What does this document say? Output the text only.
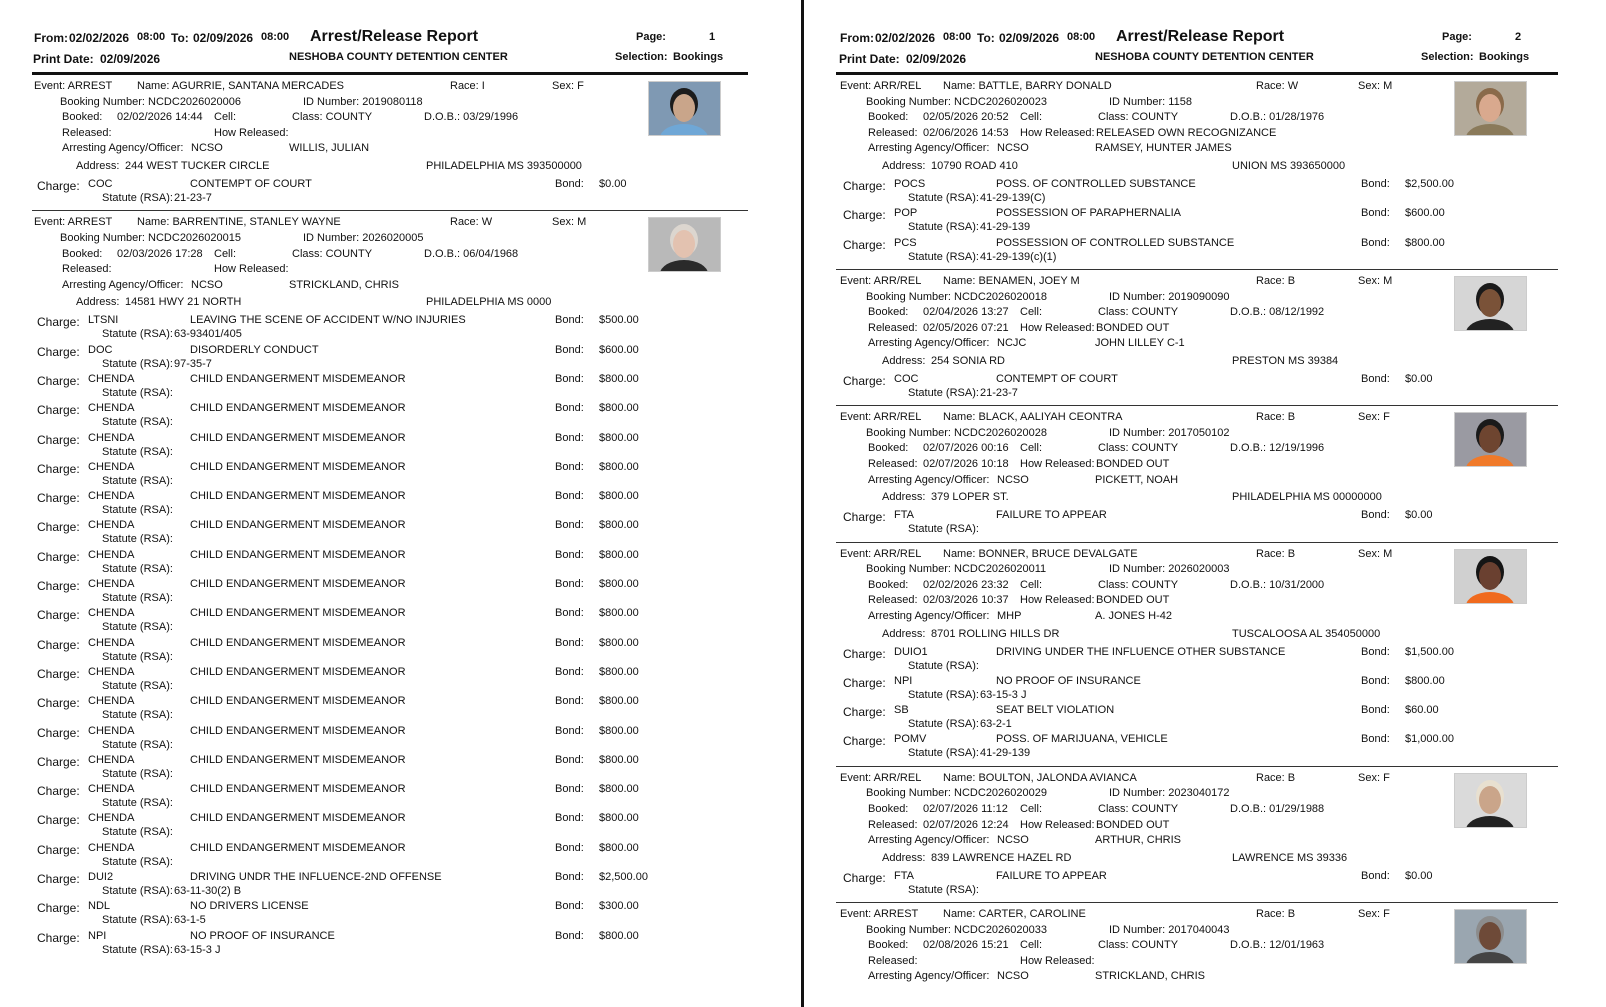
From: 02/02/2026 08:00 To: 02/09/2026 08:00 Arrest/Release Report	Page:	1
Print Date: 02/09/2026	NESHOBA COUNTY DETENTION CENTER	Selection: Bookings
Event: ARREST Name: AGURRIE, SANTANA MERCADES	Race: I	Sex: F
Booking Number: NCDC2026020006	ID Number: 2019080118
Booked: 02/02/2026 14:44 Cell:	Class: COUNTY	D.O.B.: 03/29/1996
Released:	How Released:
Arresting Agency/Officer: NCSO	WILLIS, JULIAN
Address: 244 WEST TUCKER CIRCLE	PHILADELPHIA MS 393500000
Charge: COC	CONTEMPT OF COURT	Bond: $0.00
Statute (RSA): 21-23-7
Event: ARREST Name: BARRENTINE, STANLEY WAYNE	Race: W	Sex: M
Booking Number: NCDC2026020015	ID Number: 2026020005
Booked: 02/03/2026 17:28 Cell:	Class: COUNTY	D.O.B.: 06/04/1968
Released:	How Released:
Arresting Agency/Officer: NCSO	STRICKLAND, CHRIS
Address: 14581 HWY 21 NORTH	PHILADELPHIA MS 0000
Charge: LTSNI	LEAVING THE SCENE OF ACCIDENT W/NO INJURIES	Bond: $500.00
Statute (RSA): 63-93401/405
Charge: DOC	DISORDERLY CONDUCT	Bond: $600.00
Statute (RSA): 97-35-7
Charge: CHENDA	CHILD ENDANGERMENT MISDEMEANOR	Bond: $800.00
Statute (RSA):
Charge: CHENDA	CHILD ENDANGERMENT MISDEMEANOR	Bond: $800.00
Statute (RSA):
Charge: CHENDA	CHILD ENDANGERMENT MISDEMEANOR	Bond: $800.00
Statute (RSA):
Charge: CHENDA	CHILD ENDANGERMENT MISDEMEANOR	Bond: $800.00
Statute (RSA):
Charge: CHENDA	CHILD ENDANGERMENT MISDEMEANOR	Bond: $800.00
Statute (RSA):
Charge: CHENDA	CHILD ENDANGERMENT MISDEMEANOR	Bond: $800.00
Statute (RSA):
Charge: CHENDA	CHILD ENDANGERMENT MISDEMEANOR	Bond: $800.00
Statute (RSA):
Charge: CHENDA	CHILD ENDANGERMENT MISDEMEANOR	Bond: $800.00
Statute (RSA):
Charge: CHENDA	CHILD ENDANGERMENT MISDEMEANOR	Bond: $800.00
Statute (RSA):
Charge: CHENDA	CHILD ENDANGERMENT MISDEMEANOR	Bond: $800.00
Statute (RSA):
Charge: CHENDA	CHILD ENDANGERMENT MISDEMEANOR	Bond: $800.00
Statute (RSA):
Charge: CHENDA	CHILD ENDANGERMENT MISDEMEANOR	Bond: $800.00
Statute (RSA):
Charge: CHENDA	CHILD ENDANGERMENT MISDEMEANOR	Bond: $800.00
Statute (RSA):
Charge: CHENDA	CHILD ENDANGERMENT MISDEMEANOR	Bond: $800.00
Statute (RSA):
Charge: CHENDA	CHILD ENDANGERMENT MISDEMEANOR	Bond: $800.00
Statute (RSA):
Charge: CHENDA	CHILD ENDANGERMENT MISDEMEANOR	Bond: $800.00
Statute (RSA):
Charge: CHENDA	CHILD ENDANGERMENT MISDEMEANOR	Bond: $800.00
Statute (RSA):
Charge: DUI2	DRIVING UNDR THE INFLUENCE-2ND OFFENSE	Bond: $2,500.00
Statute (RSA): 63-11-30(2) B
Charge: NDL	NO DRIVERS LICENSE	Bond: $300.00
Statute (RSA): 63-1-5
Charge: NPI	NO PROOF OF INSURANCE	Bond: $800.00
Statute (RSA): 63-15-3 J
From: 02/02/2026 08:00 To: 02/09/2026 08:00 Arrest/Release Report	Page:	2
Print Date: 02/09/2026	NESHOBA COUNTY DETENTION CENTER	Selection: Bookings
Event: ARR/REL Name: BATTLE, BARRY DONALD	Race: W	Sex: M
Booking Number: NCDC2026020023	ID Number: 1158
Booked: 02/05/2026 20:52 Cell:	Class: COUNTY	D.O.B.: 01/28/1976
Released: 02/06/2026 14:53 How Released: RELEASED OWN RECOGNIZANCE
Arresting Agency/Officer: NCSO	RAMSEY, HUNTER JAMES
Address: 10790 ROAD 410	UNION MS 393650000
Charge: POCS	POSS. OF CONTROLLED SUBSTANCE	Bond: $2,500.00
Statute (RSA): 41-29-139(C)
Charge: POP	POSSESSION OF PARAPHERNALIA	Bond: $600.00
Statute (RSA): 41-29-139
Charge: PCS	POSSESSION OF CONTROLLED SUBSTANCE	Bond: $800.00
Statute (RSA): 41-29-139(c)(1)
Event: ARR/REL Name: BENAMEN, JOEY M	Race: B	Sex: M
Booking Number: NCDC2026020018	ID Number: 2019090090
Booked: 02/04/2026 13:27 Cell:	Class: COUNTY	D.O.B.: 08/12/1992
Released: 02/05/2026 07:21 How Released: BONDED OUT
Arresting Agency/Officer: NCJC	JOHN LILLEY C-1
Address: 254 SONIA RD	PRESTON MS 39384
Charge: COC	CONTEMPT OF COURT	Bond: $0.00
Statute (RSA): 21-23-7
Event: ARR/REL Name: BLACK, AALIYAH CEONTRA	Race: B	Sex: F
Booking Number: NCDC2026020028	ID Number: 2017050102
Booked: 02/07/2026 00:16 Cell:	Class: COUNTY	D.O.B.: 12/19/1996
Released: 02/07/2026 10:18 How Released: BONDED OUT
Arresting Agency/Officer: NCSO	PICKETT, NOAH
Address: 379 LOPER ST.	PHILADELPHIA MS 00000000
Charge: FTA	FAILURE TO APPEAR	Bond: $0.00
Statute (RSA):
Event: ARR/REL Name: BONNER, BRUCE DEVALGATE	Race: B	Sex: M
Booking Number: NCDC2026020011	ID Number: 2026020003
Booked: 02/02/2026 23:32 Cell:	Class: COUNTY	D.O.B.: 10/31/2000
Released: 02/03/2026 10:37 How Released: BONDED OUT
Arresting Agency/Officer: MHP	A. JONES H-42
Address: 8701 ROLLING HILLS DR	TUSCALOOSA AL 354050000
Charge: DUIO1	DRIVING UNDER THE INFLUENCE OTHER SUBSTANCE	Bond: $1,500.00
Statute (RSA):
Charge: NPI	NO PROOF OF INSURANCE	Bond: $800.00
Statute (RSA): 63-15-3 J
Charge: SB	SEAT BELT VIOLATION	Bond: $60.00
Statute (RSA): 63-2-1
Charge: POMV	POSS. OF MARIJUANA, VEHICLE	Bond: $1,000.00
Statute (RSA): 41-29-139
Event: ARR/REL Name: BOULTON, JALONDA AVIANCA	Race: B	Sex: F
Booking Number: NCDC2026020029	ID Number: 2023040172
Booked: 02/07/2026 11:12 Cell:	Class: COUNTY	D.O.B.: 01/29/1988
Released: 02/07/2026 12:24 How Released: BONDED OUT
Arresting Agency/Officer: NCSO	ARTHUR, CHRIS
Address: 839 LAWRENCE HAZEL RD	LAWRENCE MS 39336
Charge: FTA	FAILURE TO APPEAR	Bond: $0.00
Statute (RSA):
Event: ARREST Name: CARTER, CAROLINE	Race: B	Sex: F
Booking Number: NCDC2026020033	ID Number: 2017040043
Booked: 02/08/2026 15:21 Cell:	Class: COUNTY	D.O.B.: 12/01/1963
Released:	How Released:
Arresting Agency/Officer: NCSO	STRICKLAND, CHRIS
